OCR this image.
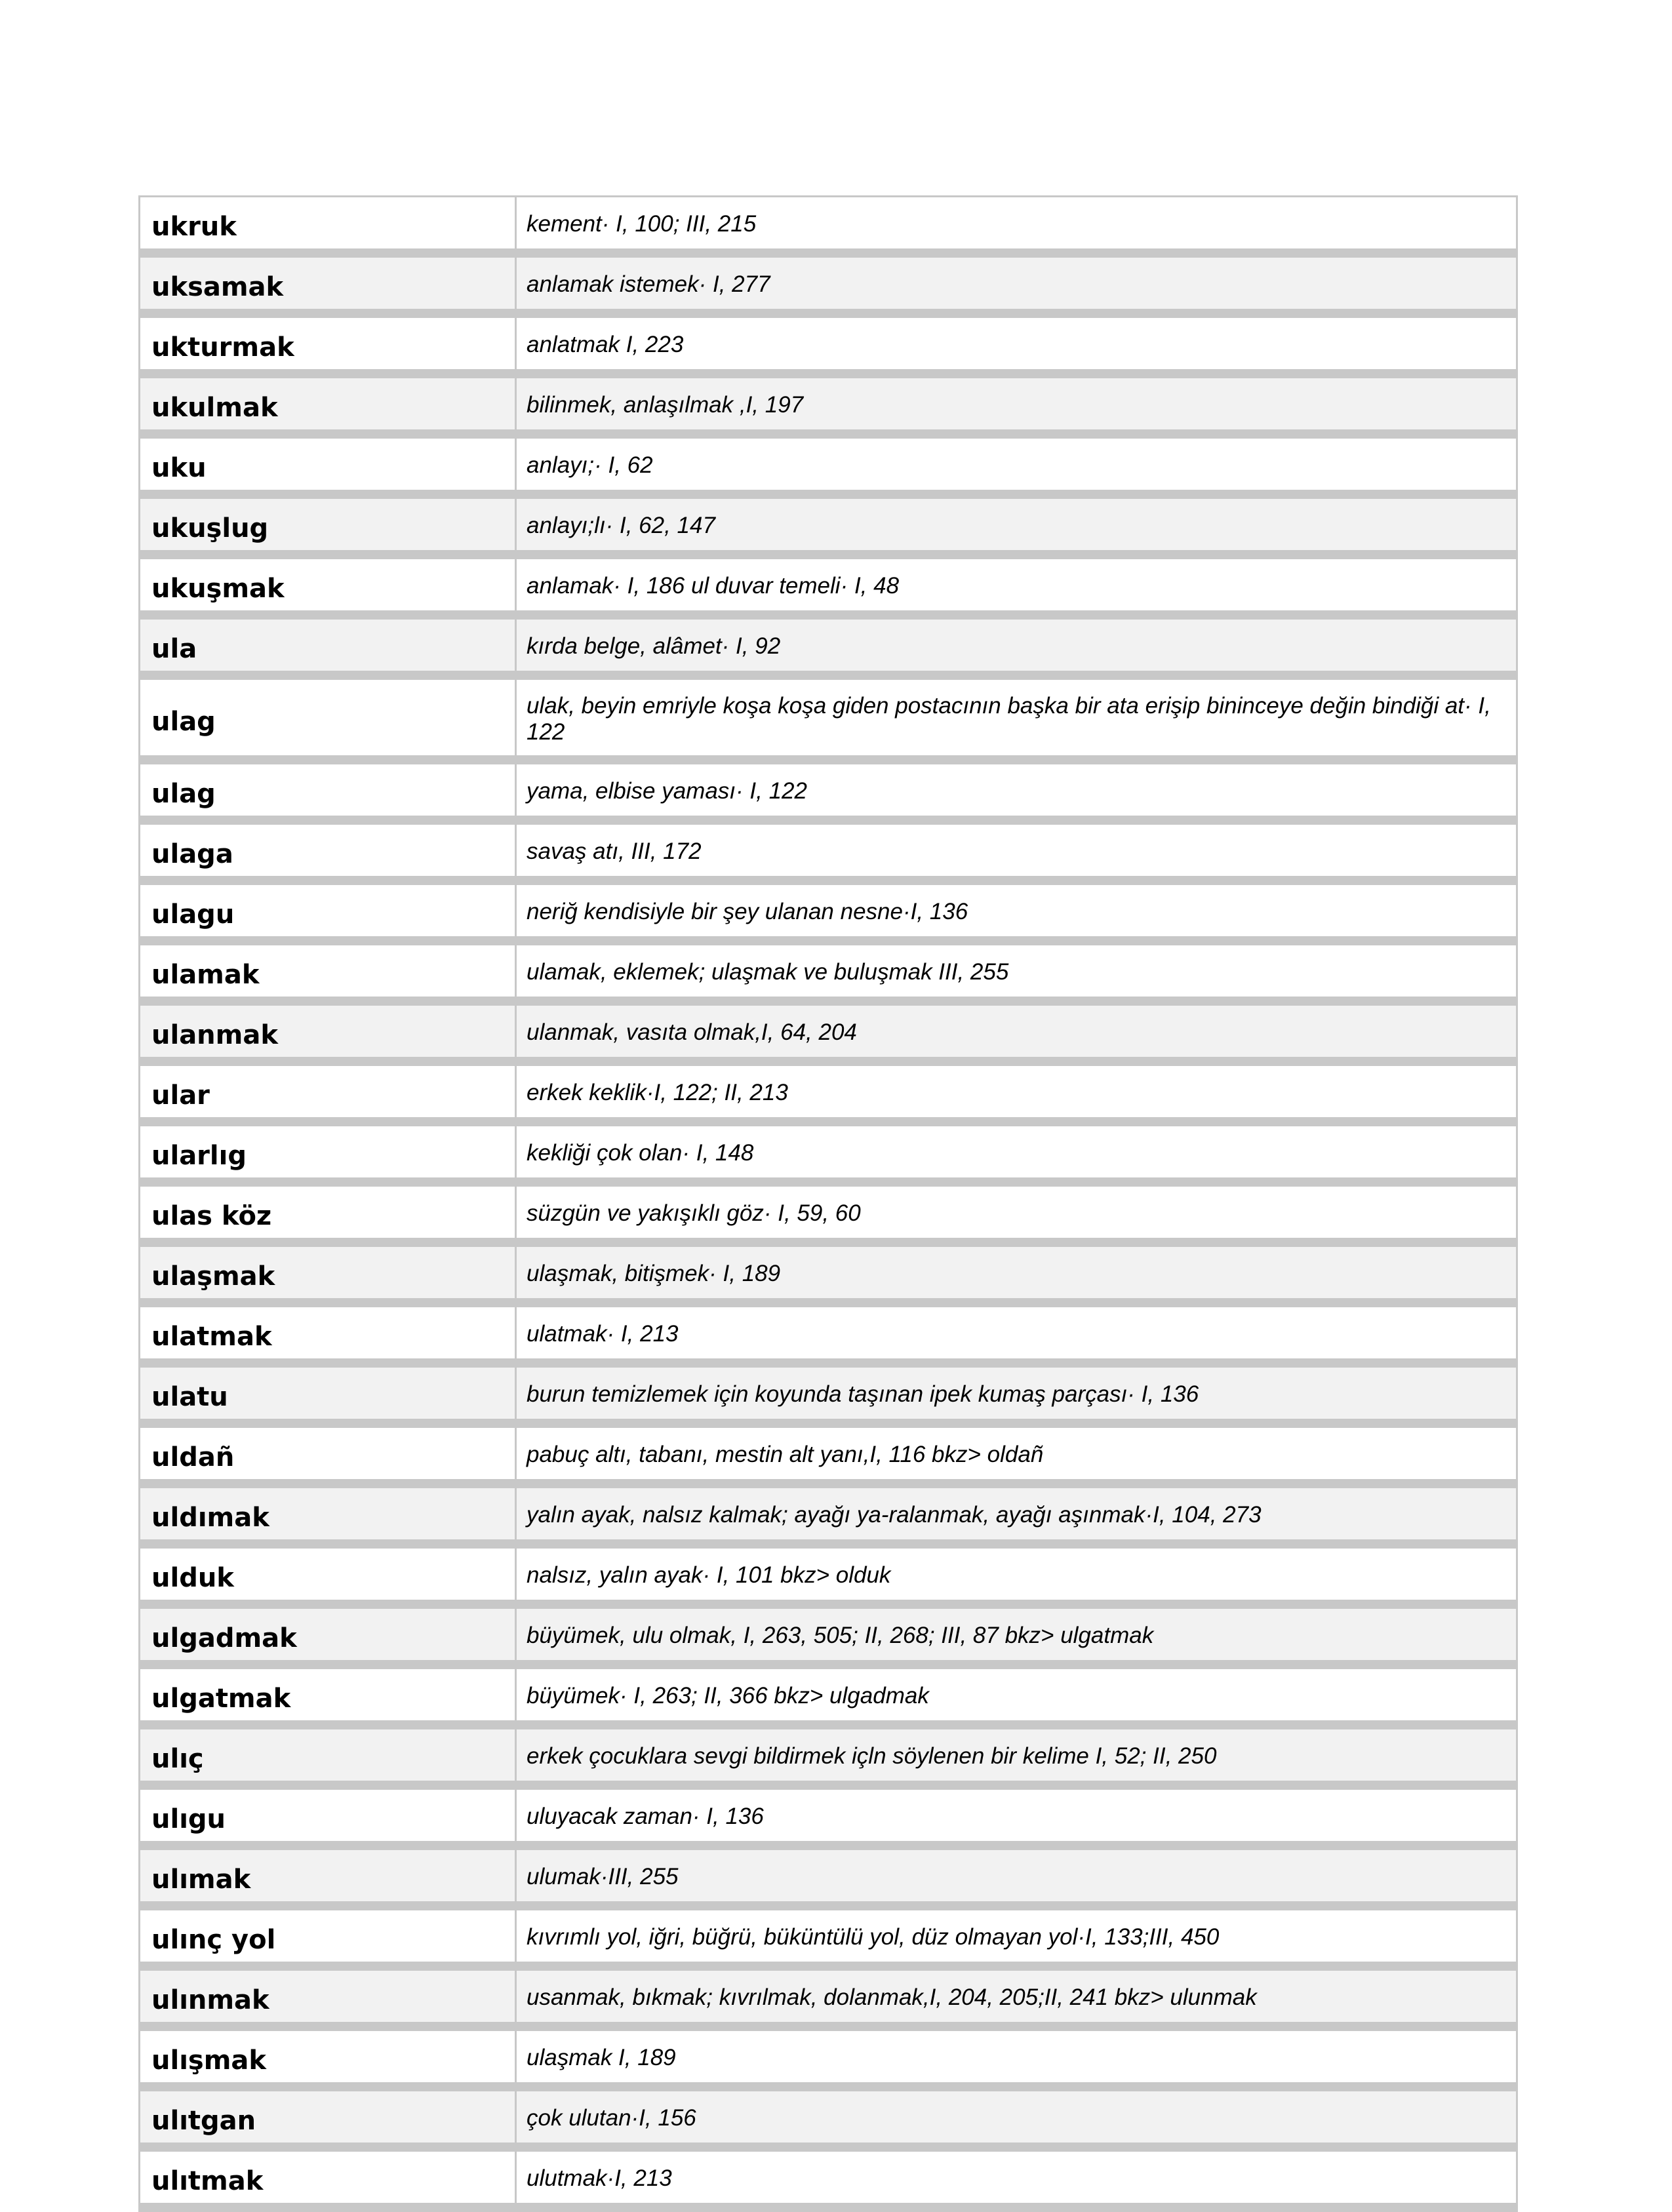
ukruk	kement· I, 100; III, 215
uksamak	anlamak istemek· I, 277
ukturmak	anlatmak I, 223
ukulmak	bilinmek, anlaşılmak ,I, 197
uku	anlayı;· I, 62
ukuşlug	anlayı;lı· I, 62, 147
ukuşmak	anlamak· I, 186 ul duvar temeli· I, 48
ula	kırda belge, alâmet· I, 92
ulag	ulak, beyin emriyle koşa koşa giden postacının başka bir ata erişip bininceye değin bindiği at· I, 122
ulag	yama, elbise yaması· I, 122
ulaga	savaş atı, III, 172
ulagu	neriğ kendisiyle bir şey ulanan nesne·I, 136
ulamak	ulamak, eklemek; ulaşmak ve buluşmak III, 255
ulanmak	ulanmak, vasıta olmak,I, 64, 204
ular	erkek keklik·I, 122; II, 213
ularlıg	kekliği çok olan· I, 148
ulas köz	süzgün ve yakışıklı göz· I, 59, 60
ulaşmak	ulaşmak, bitişmek· I, 189
ulatmak	ulatmak· I, 213
ulatu	burun temizlemek için koyunda taşınan ipek kumaş parçası· I, 136
uldañ	pabuç altı, tabanı, mestin alt yanı,I, 116 bkz> oldañ
uldımak	yalın ayak, nalsız kalmak; ayağı ya-ralanmak, ayağı aşınmak·I, 104, 273
ulduk	nalsız, yalın ayak· I, 101 bkz> olduk
ulgadmak	büyümek, ulu olmak, I, 263, 505; II, 268; III, 87 bkz> ulgatmak
ulgatmak	büyümek· I, 263; II, 366 bkz> ulgadmak
ulıç	erkek çocuklara sevgi bildirmek içln söylenen bir kelime I, 52; II, 250
ulıgu	uluyacak zaman· I, 136
ulımak	ulumak·III, 255
ulınç yol	kıvrımlı yol, iğri, büğrü, büküntülü yol, düz olmayan yol·I, 133;III, 450
ulınmak	usanmak, bıkmak; kıvrılmak, dolanmak,I, 204, 205;II, 241 bkz> ulunmak
ulışmak	ulaşmak I, 189
ulıtgan	çok ulutan·I, 156
ulıtmak	ulutmak·I, 213
